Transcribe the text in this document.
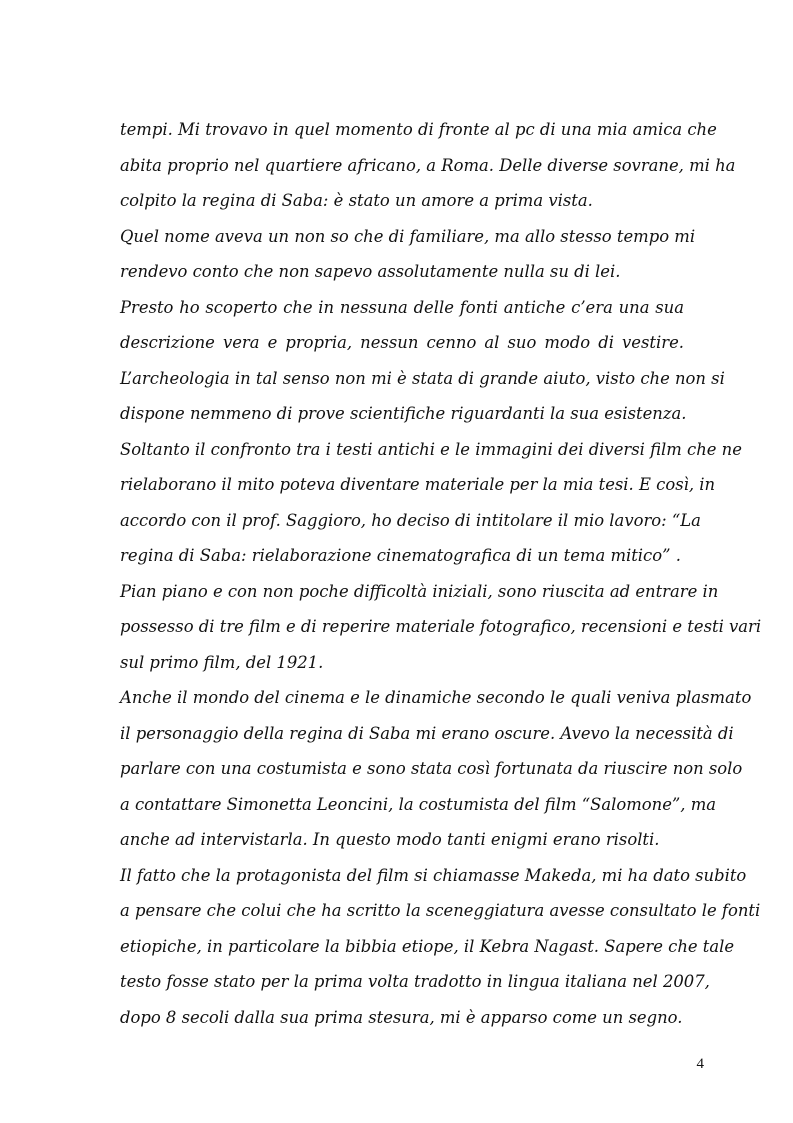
tempi. Mi trovavo in quel momento di fronte al pc di una mia amica che
abita proprio nel quartiere africano, a Roma. Delle diverse sovrane, mi ha
colpito la regina di Saba: è stato un amore a prima vista.
Quel nome aveva un non so che di familiare, ma allo stesso tempo mi
rendevo conto che non sapevo assolutamente nulla su di lei.
Presto ho scoperto che in nessuna delle fonti antiche c’era una sua
descrizione vera e propria, nessun cenno al suo modo di vestire.
L’archeologia in tal senso non mi è stata di grande aiuto, visto che non si
dispone nemmeno di prove scientifiche riguardanti la sua esistenza.
Soltanto il confronto tra i testi antichi e le immagini dei diversi film che ne
rielaborano il mito poteva diventare materiale per la mia tesi. E così, in
accordo con il prof. Saggioro, ho deciso di intitolare il mio lavoro: “La
regina di Saba: rielaborazione cinematografica di un tema mitico” .
Pian piano e con non poche difficoltà iniziali, sono riuscita ad entrare in
possesso di tre film e di reperire materiale fotografico, recensioni e testi vari
sul primo film, del 1921.
Anche il mondo del cinema e le dinamiche secondo le quali veniva plasmato
il personaggio della regina di Saba mi erano oscure. Avevo la necessità di
parlare con una costumista e sono stata così fortunata da riuscire non solo
a contattare Simonetta Leoncini, la costumista del film “Salomone”, ma
anche ad intervistarla. In questo modo tanti enigmi erano risolti.
Il fatto che la protagonista del film si chiamasse Makeda, mi ha dato subito
a pensare che colui che ha scritto la sceneggiatura avesse consultato le fonti
etiopiche, in particolare la bibbia etiope, il Kebra Nagast. Sapere che tale
testo fosse stato per la prima volta tradotto in lingua italiana nel 2007,
dopo 8 secoli dalla sua prima stesura, mi è apparso come un segno.
4
